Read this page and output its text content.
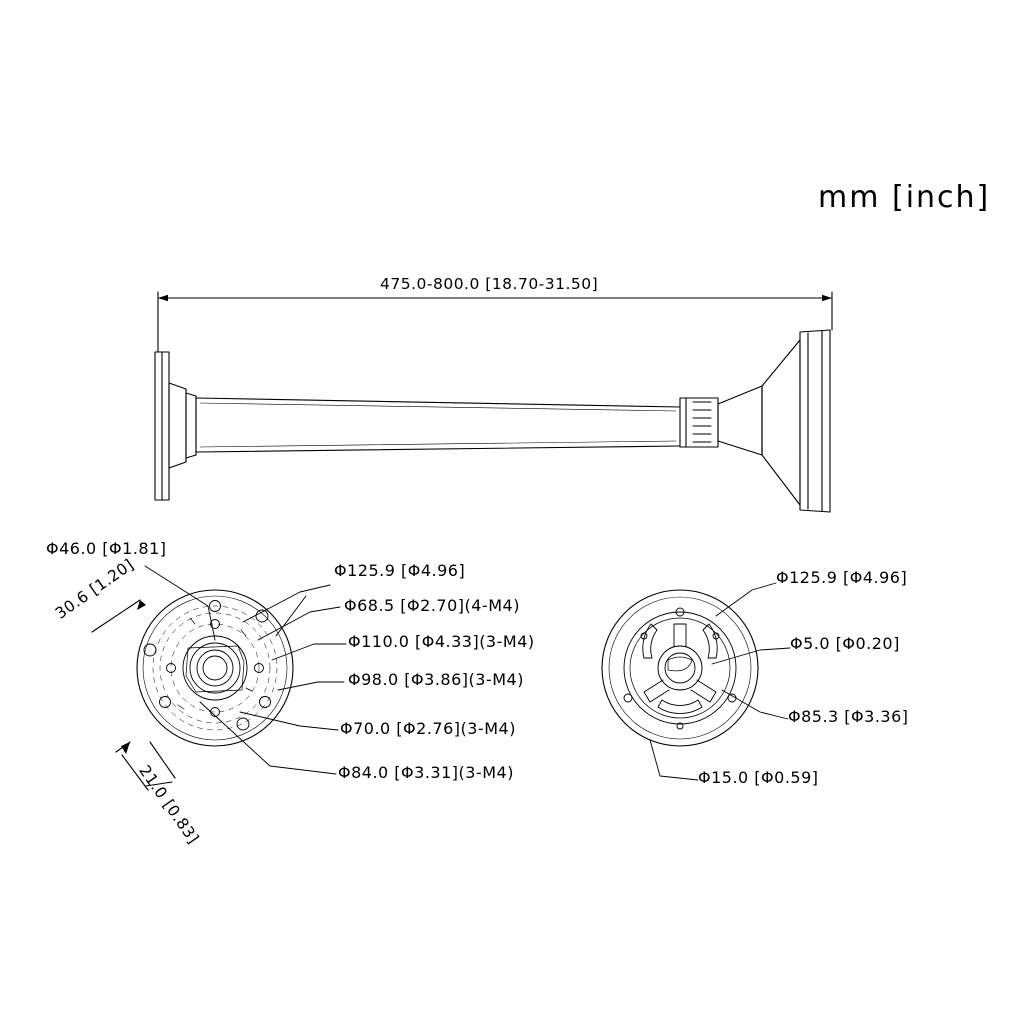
mm [inch]
475.0-800.0 [18.70-31.50]
Φ46.0 [Φ1.81]
30.6 [1.20]
21.0 [0.83]
Φ125.9 [Φ4.96]
Φ68.5 [Φ2.70](4-M4)
Φ110.0 [Φ4.33](3-M4)
Φ98.0 [Φ3.86](3-M4)
Φ70.0 [Φ2.76](3-M4)
Φ84.0 [Φ3.31](3-M4)
Φ125.9 [Φ4.96]
Φ5.0 [Φ0.20]
Φ85.3 [Φ3.36]
Φ15.0 [Φ0.59]
